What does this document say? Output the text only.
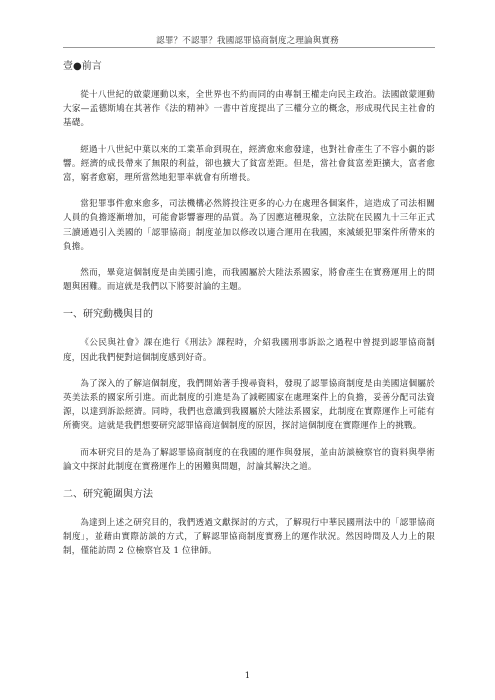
認罪？不認罪？我國認罪協商制度之理論與實務

壹●前言

從十八世紀的啟蒙運動以來，全世界也不約而同的由專制王權走向民主政治。法國啟蒙運動大家—孟德斯鳩在其著作《法的精神》一書中首度提出了三權分立的概念，形成現代民主社會的基礎。

經過十八世紀中葉以來的工業革命到現在，經濟愈來愈發達，也對社會產生了不容小覷的影響。經濟的成長帶來了無限的利益，卻也擴大了貧富差距。但是，當社會貧富差距擴大，富者愈富，窮者愈窮，理所當然地犯罪率就會有所增長。

當犯罪事件愈來愈多，司法機構必然將投注更多的心力在處理各個案件，這造成了司法相關人員的負擔逐漸增加，可能會影響審理的品質。為了因應這種現象，立法院在民國九十三年正式三讀通過引入美國的「認罪協商」制度並加以修改以適合運用在我國，來減緩犯罪案件所帶來的負擔。

然而，畢竟這個制度是由美國引進，而我國屬於大陸法系國家，將會產生在實務運用上的問題與困難。而這就是我們以下將要討論的主題。

一、研究動機與目的

《公民與社會》課在進行《刑法》課程時，介紹我國刑事訴訟之過程中曾提到認罪協商制度，因此我們便對這個制度感到好奇。

為了深入的了解這個制度，我們開始著手搜尋資料，發現了認罪協商制度是由美國這個屬於英美法系的國家所引進。而此制度的引進是為了減輕國家在處理案件上的負擔，妥善分配司法資源，以達到訴訟經濟。同時，我們也意識到我國屬於大陸法系國家，此制度在實際運作上可能有所衝突。這就是我們想要研究認罪協商這個制度的原因，探討這個制度在實際運作上的挑戰。

而本研究目的是為了解認罪協商制度的在我國的運作與發展，並由訪談檢察官的資料與學術論文中探討此制度在實務運作上的困難與問題，討論其解決之道。

二、研究範圍與方法

為達到上述之研究目的，我們透過文獻探討的方式，了解現行中華民國刑法中的「認罪協商制度」，並藉由實際訪談的方式，了解認罪協商制度實務上的運作狀況。然因時間及人力上的限制，僅能訪問 2 位檢察官及 1 位律師。

1
